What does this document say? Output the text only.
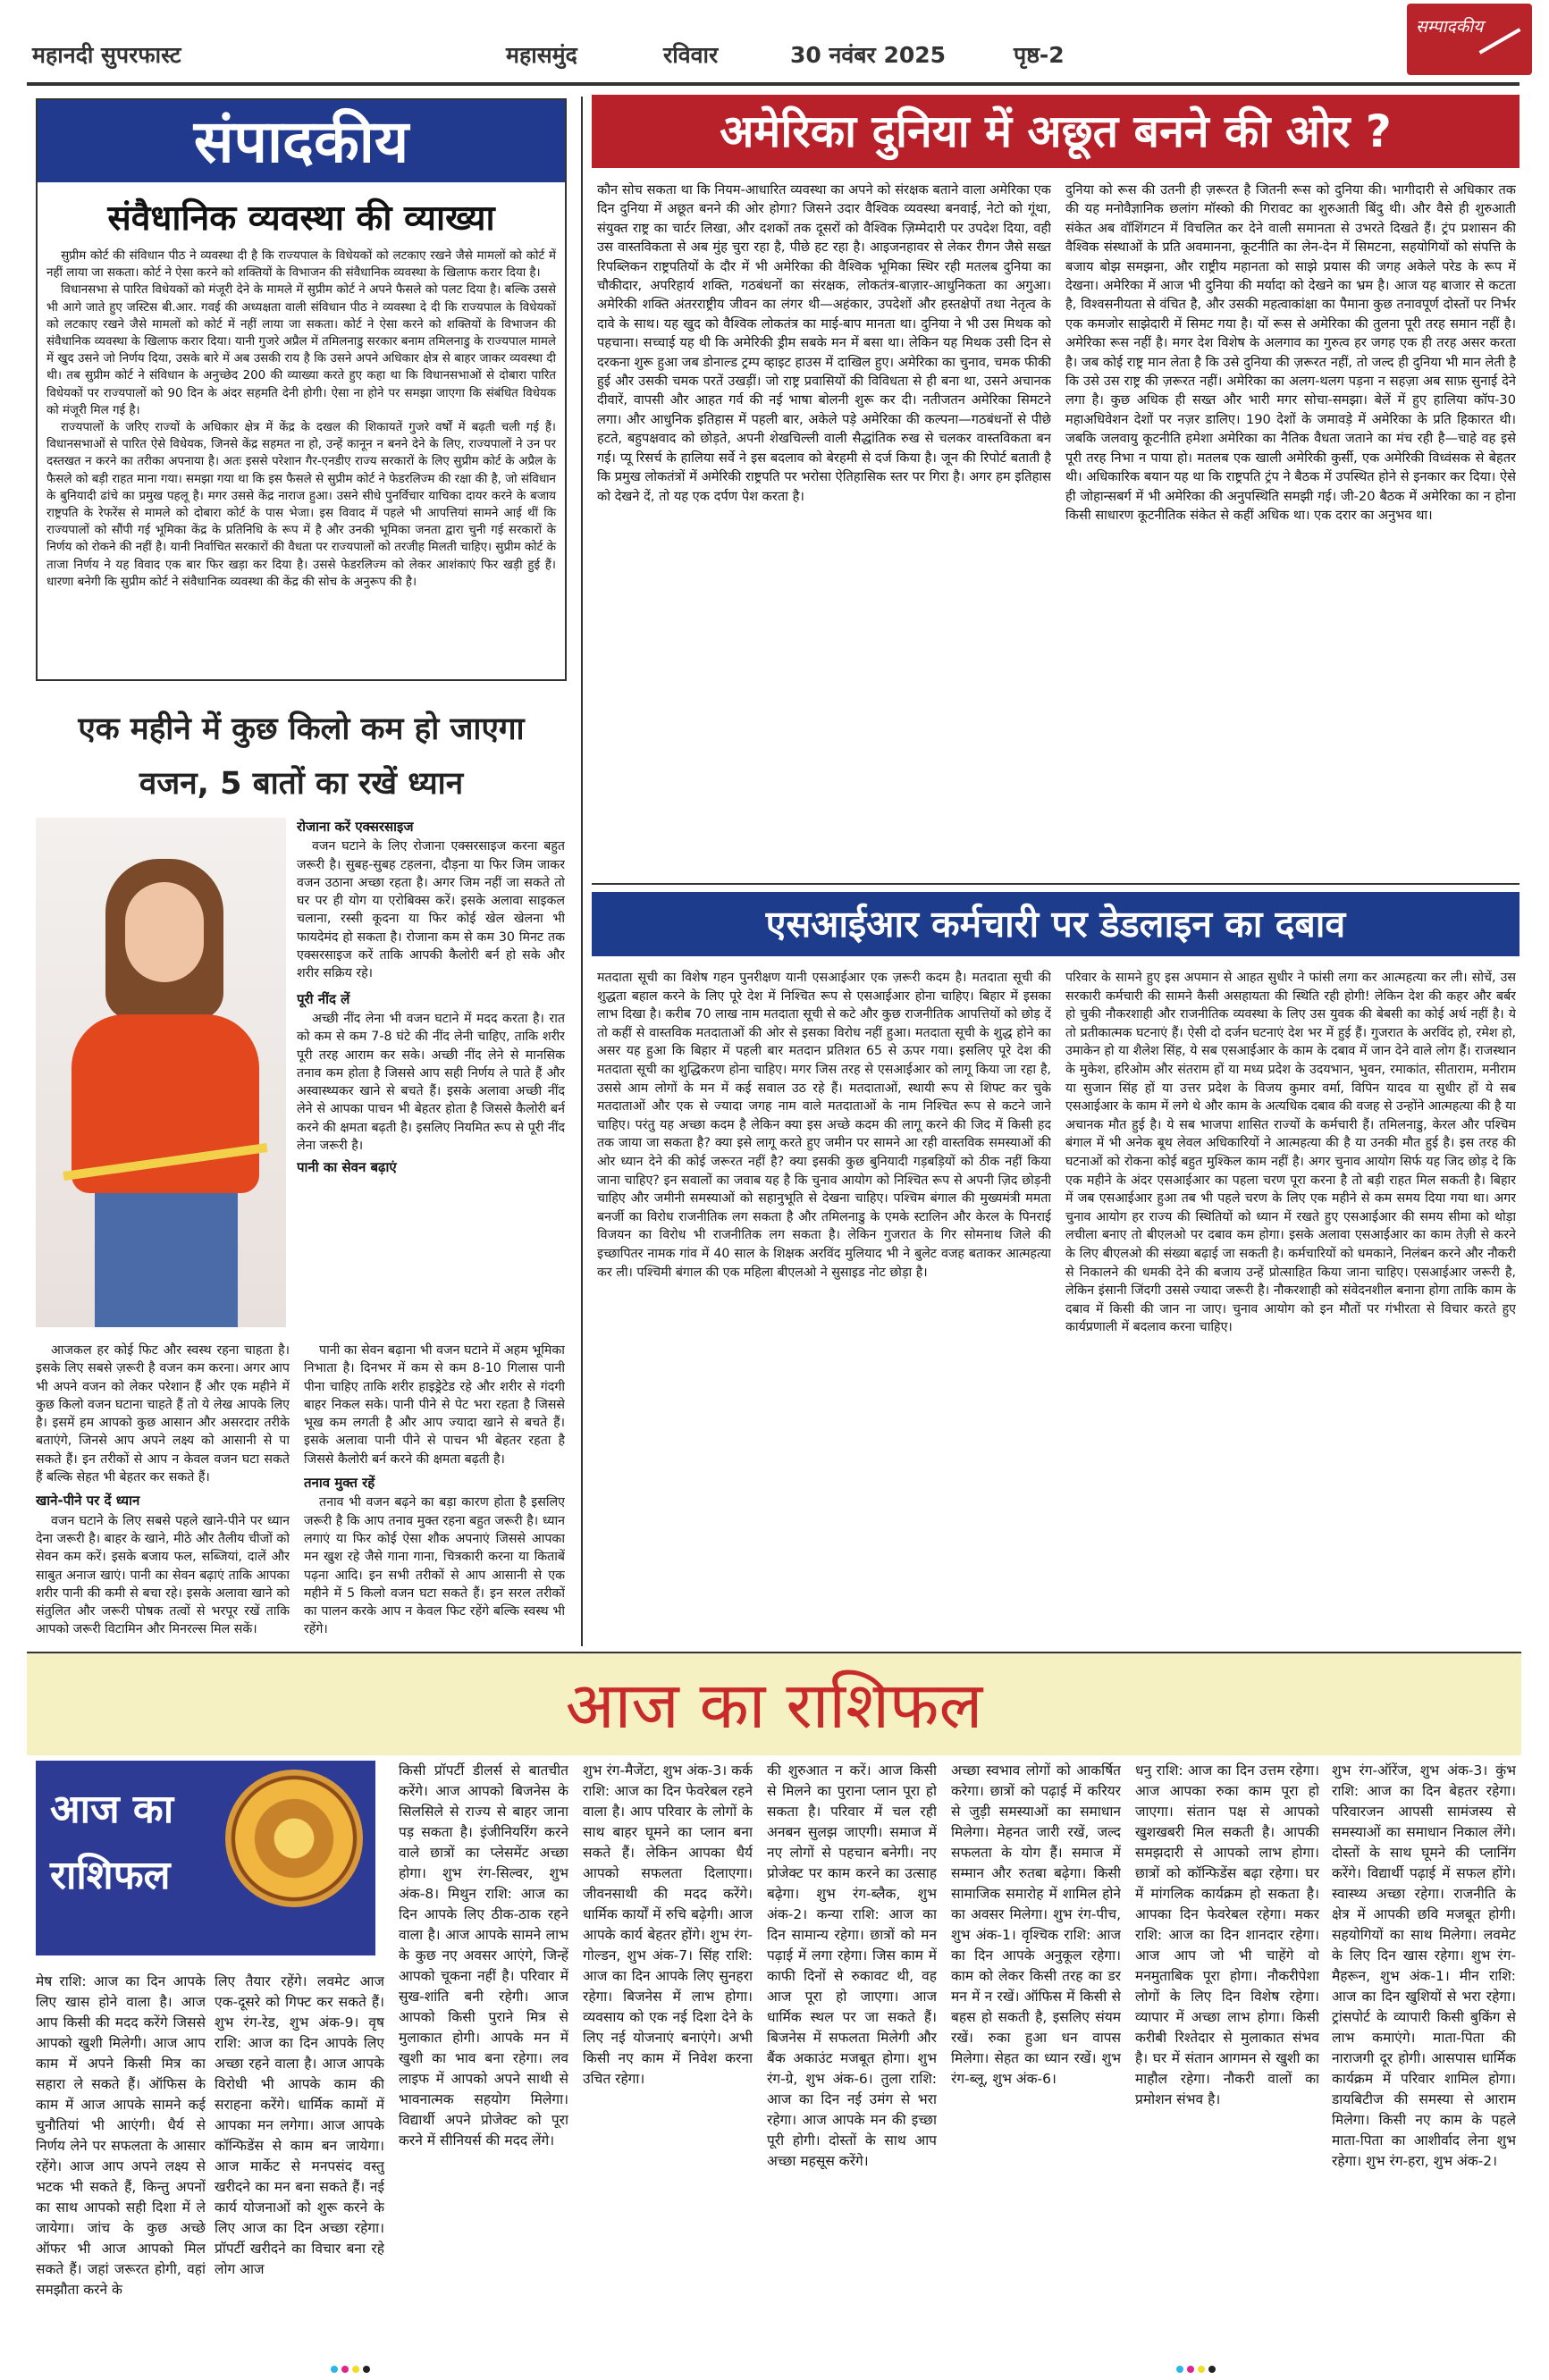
महानदी सुपरफास्ट	महासमुंद	रविवार	30 नवंबर 2025	पृष्ठ-2
सम्पादकीय
संपादकीय
संवैधानिक व्यवस्था की व्याख्या

सुप्रीम कोर्ट की संविधान पीठ ने व्यवस्था दी है कि राज्यपाल के विधेयकों को लटकाए रखने जैसे मामलों को कोर्ट में नहीं लाया जा सकता। कोर्ट ने ऐसा करने को शक्तियों के विभाजन की संवैधानिक व्यवस्था के खिलाफ करार दिया है।

विधानसभा से पारित विधेयकों को मंजूरी देने के मामले में सुप्रीम कोर्ट ने अपने फैसले को पलट दिया है। बल्कि उससे भी आगे जाते हुए जस्टिस बी.आर. गवई की अध्यक्षता वाली संविधान पीठ ने व्यवस्था दे दी कि राज्यपाल के विधेयकों को लटकाए रखने जैसे मामलों को कोर्ट में नहीं लाया जा सकता। कोर्ट ने ऐसा करने को शक्तियों के विभाजन की संवैधानिक व्यवस्था के खिलाफ करार दिया। यानी गुजरे अप्रैल में तमिलनाडु सरकार बनाम तमिलनाडु के राज्यपाल मामले में खुद उसने जो निर्णय दिया, उसके बारे में अब उसकी राय है कि उसने अपने अधिकार क्षेत्र से बाहर जाकर व्यवस्था दी थी। तब सुप्रीम कोर्ट ने संविधान के अनुच्छेद 200 की व्याख्या करते हुए कहा था कि विधानसभाओं से दोबारा पारित विधेयकों पर राज्यपालों को 90 दिन के अंदर सहमति देनी होगी। ऐसा ना होने पर समझा जाएगा कि संबंधित विधेयक को मंजूरी मिल गई है।

राज्यपालों के जरिए राज्यों के अधिकार क्षेत्र में केंद्र के दखल की शिकायतें गुजरे वर्षों में बढ़ती चली गई हैं। विधानसभाओं से पारित ऐसे विधेयक, जिनसे केंद्र सहमत ना हो, उन्हें कानून न बनने देने के लिए, राज्यपालों ने उन पर दस्तखत न करने का तरीका अपनाया है। अतः इससे परेशान गैर-एनडीए राज्य सरकारों के लिए सुप्रीम कोर्ट के अप्रैल के फैसले को बड़ी राहत माना गया। समझा गया था कि इस फैसले से सुप्रीम कोर्ट ने फेडरलिज्म की रक्षा की है, जो संविधान के बुनियादी ढांचे का प्रमुख पहलू है। मगर उससे केंद्र नाराज हुआ। उसने सीधे पुनर्विचार याचिका दायर करने के बजाय राष्ट्रपति के रेफरेंस से मामले को दोबारा कोर्ट के पास भेजा। इस विवाद में पहले भी आपत्तियां सामने आई थीं कि राज्यपालों को सौंपी गई भूमिका केंद्र के प्रतिनिधि के रूप में है और उनकी भूमिका जनता द्वारा चुनी गई सरकारों के निर्णय को रोकने की नहीं है। यानी निर्वाचित सरकारों की वैधता पर राज्यपालों को तरजीह मिलती चाहिए। सुप्रीम कोर्ट के ताजा निर्णय ने यह विवाद एक बार फिर खड़ा कर दिया है। उससे फेडरलिज्म को लेकर आशंकाएं फिर खड़ी हुई हैं। धारणा बनेगी कि सुप्रीम कोर्ट ने संवैधानिक व्यवस्था की केंद्र की सोच के अनुरूप की है।

एक महीने में कुछ किलो कम हो जाएगा
वजन, 5 बातों का रखें ध्यान
रोजाना करें एक्सरसाइज

वजन घटाने के लिए रोजाना एक्सरसाइज करना बहुत जरूरी है। सुबह-सुबह टहलना, दौड़ना या फिर जिम जाकर वजन उठाना अच्छा रहता है। अगर जिम नहीं जा सकते तो घर पर ही योग या एरोबिक्स करें। इसके अलावा साइकल चलाना, रस्सी कूदना या फिर कोई खेल खेलना भी फायदेमंद हो सकता है। रोजाना कम से कम 30 मिनट तक एक्सरसाइज करें ताकि आपकी कैलोरी बर्न हो सके और शरीर सक्रिय रहे।

पूरी नींद लें

अच्छी नींद लेना भी वजन घटाने में मदद करता है। रात को कम से कम 7-8 घंटे की नींद लेनी चाहिए, ताकि शरीर पूरी तरह आराम कर सके। अच्छी नींद लेने से मानसिक तनाव कम होता है जिससे आप सही निर्णय ले पाते हैं और अस्वास्थ्यकर खाने से बचते हैं। इसके अलावा अच्छी नींद लेने से आपका पाचन भी बेहतर होता है जिससे कैलोरी बर्न करने की क्षमता बढ़ती है। इसलिए नियमित रूप से पूरी नींद लेना जरूरी है।

पानी का सेवन बढ़ाएं

आजकल हर कोई फिट और स्वस्थ रहना चाहता है। इसके लिए सबसे ज़रूरी है वजन कम करना। अगर आप भी अपने वजन को लेकर परेशान हैं और एक महीने में कुछ किलो वजन घटाना चाहते हैं तो ये लेख आपके लिए है। इसमें हम आपको कुछ आसान और असरदार तरीके बताएंगे, जिनसे आप अपने लक्ष्य को आसानी से पा सकते हैं। इन तरीकों से आप न केवल वजन घटा सकते हैं बल्कि सेहत भी बेहतर कर सकते हैं।

खाने-पीने पर दें ध्यान

वजन घटाने के लिए सबसे पहले खाने-पीने पर ध्यान देना जरूरी है। बाहर के खाने, मीठे और तैलीय चीजों को सेवन कम करें। इसके बजाय फल, सब्जियां, दालें और साबुत अनाज खाएं। पानी का सेवन बढ़ाएं ताकि आपका शरीर पानी की कमी से बचा रहे। इसके अलावा खाने को संतुलित और जरूरी पोषक तत्वों से भरपूर रखें ताकि आपको जरूरी विटामिन और मिनरल्स मिल सकें।

पानी का सेवन बढ़ाना भी वजन घटाने में अहम भूमिका निभाता है। दिनभर में कम से कम 8-10 गिलास पानी पीना चाहिए ताकि शरीर हाइड्रेटेड रहे और शरीर से गंदगी बाहर निकल सके। पानी पीने से पेट भरा रहता है जिससे भूख कम लगती है और आप ज्यादा खाने से बचते हैं। इसके अलावा पानी पीने से पाचन भी बेहतर रहता है जिससे कैलोरी बर्न करने की क्षमता बढ़ती है।

तनाव मुक्त रहें

तनाव भी वजन बढ़ने का बड़ा कारण होता है इसलिए जरूरी है कि आप तनाव मुक्त रहना बहुत जरूरी है। ध्यान लगाएं या फिर कोई ऐसा शौक अपनाएं जिससे आपका मन खुश रहे जैसे गाना गाना, चित्रकारी करना या किताबें पढ़ना आदि। इन सभी तरीकों से आप आसानी से एक महीने में 5 किलो वजन घटा सकते हैं। इन सरल तरीकों का पालन करके आप न केवल फिट रहेंगे बल्कि स्वस्थ भी रहेंगे।

अमेरिका दुनिया में अछूत बनने की ओर ?
कौन सोच सकता था कि नियम-आधारित व्यवस्था का अपने को संरक्षक बताने वाला अमेरिका एक दिन दुनिया में अछूत बनने की ओर होगा? जिसने उदार वैश्विक व्यवस्था बनवाई, नेटो को गूंथा, संयुक्त राष्ट्र का चार्टर लिखा, और दशकों तक दूसरों को वैश्विक ज़िम्मेदारी पर उपदेश दिया, वही उस वास्तविकता से अब मुंह चुरा रहा है, पीछे हट रहा है। आइजनहावर से लेकर रीगन जैसे सख्त रिपब्लिकन राष्ट्रपतियों के दौर में भी अमेरिका की वैश्विक भूमिका स्थिर रही मतलब दुनिया का चौकीदार, अपरिहार्य शक्ति, गठबंधनों का संरक्षक, लोकतंत्र-बाज़ार-आधुनिकता का अगुआ। अमेरिकी शक्ति अंतरराष्ट्रीय जीवन का लंगर थी—अहंकार, उपदेशों और हस्तक्षेपों तथा नेतृत्व के दावे के साथ। यह खुद को वैश्विक लोकतंत्र का माई-बाप मानता था। दुनिया ने भी उस मिथक को पहचाना। सच्चाई यह थी कि अमेरिकी ड्रीम सबके मन में बसा था। लेकिन यह मिथक उसी दिन से दरकना शुरू हुआ जब डोनाल्ड ट्रम्प व्हाइट हाउस में दाखिल हुए। अमेरिका का चुनाव, चमक फीकी हुई और उसकी चमक परतें उखड़ीं। जो राष्ट्र प्रवासियों की विविधता से ही बना था, उसने अचानक दीवारें, वापसी और आहत गर्व की नई भाषा बोलनी शुरू कर दी। नतीजतन अमेरिका सिमटने लगा। और आधुनिक इतिहास में पहली बार, अकेले पड़े अमेरिका की कल्पना—गठबंधनों से पीछे हटते, बहुपक्षवाद को छोड़ते, अपनी शेखचिल्ली वाली सैद्धांतिक रुख से चलकर वास्तविकता बन गई। प्यू रिसर्च के हालिया सर्वे ने इस बदलाव को बेरहमी से दर्ज किया है। जून की रिपोर्ट बताती है कि प्रमुख लोकतंत्रों में अमेरिकी राष्ट्रपति पर भरोसा ऐतिहासिक स्तर पर गिरा है। अगर हम इतिहास को देखने दें, तो यह एक दर्पण पेश करता है।
दुनिया को रूस की उतनी ही ज़रूरत है जितनी रूस को दुनिया की। भागीदारी से अधिकार तक की यह मनोवैज्ञानिक छलांग मॉस्को की गिरावट का शुरुआती बिंदु थी। और वैसे ही शुरुआती संकेत अब वॉशिंगटन में विचलित कर देने वाली समानता से उभरते दिखते हैं। ट्रंप प्रशासन की वैश्विक संस्थाओं के प्रति अवमानना, कूटनीति का लेन-देन में सिमटना, सहयोगियों को संपत्ति के बजाय बोझ समझना, और राष्ट्रीय महानता को साझे प्रयास की जगह अकेले परेड के रूप में देखना। अमेरिका में आज भी दुनिया की मर्यादा को देखने का भ्रम है। आज यह बाजार से कटता है, विश्वसनीयता से वंचित है, और उसकी महत्वाकांक्षा का पैमाना कुछ तनावपूर्ण दोस्तों पर निर्भर एक कमजोर साझेदारी में सिमट गया है। यों रूस से अमेरिका की तुलना पूरी तरह समान नहीं है। अमेरिका रूस नहीं है। मगर देश विशेष के अलगाव का गुरुत्व हर जगह एक ही तरह असर करता है। जब कोई राष्ट्र मान लेता है कि उसे दुनिया की ज़रूरत नहीं, तो जल्द ही दुनिया भी मान लेती है कि उसे उस राष्ट्र की ज़रूरत नहीं। अमेरिका का अलग-थलग पड़ना न सहज़ा अब साफ़ सुनाई देने लगा है। कुछ अधिक ही सख्त और भारी मगर सोचा-समझा। बेलें में हुए हालिया कॉप-30 महाअधिवेशन देशों पर नज़र डालिए। 190 देशों के जमावड़े में अमेरिका के प्रति हिकारत थी। जबकि जलवायु कूटनीति हमेशा अमेरिका का नैतिक वैधता जताने का मंच रही है—चाहे वह इसे पूरी तरह निभा न पाया हो। मतलब एक खाली अमेरिकी कुर्सी, एक अमेरिकी विध्वंसक से बेहतर थी। अधिकारिक बयान यह था कि राष्ट्रपति ट्रंप ने बैठक में उपस्थित होने से इनकार कर दिया। ऐसे ही जोहान्सबर्ग में भी अमेरिका की अनुपस्थिति समझी गई। जी-20 बैठक में अमेरिका का न होना किसी साधारण कूटनीतिक संकेत से कहीं अधिक था। एक दरार का अनुभव था।
एसआईआर कर्मचारी पर डेडलाइन का दबाव
मतदाता सूची का विशेष गहन पुनरीक्षण यानी एसआईआर एक ज़रूरी कदम है। मतदाता सूची की शुद्धता बहाल करने के लिए पूरे देश में निश्चित रूप से एसआईआर होना चाहिए। बिहार में इसका लाभ दिखा है। करीब 70 लाख नाम मतदाता सूची से कटे और कुछ राजनीतिक आपत्तियों को छोड़ दें तो कहीं से वास्तविक मतदाताओं की ओर से इसका विरोध नहीं हुआ। मतदाता सूची के शुद्ध होने का असर यह हुआ कि बिहार में पहली बार मतदान प्रतिशत 65 से ऊपर गया। इसलिए पूरे देश की मतदाता सूची का शुद्धिकरण होना चाहिए। मगर जिस तरह से एसआईआर को लागू किया जा रहा है, उससे आम लोगों के मन में कई सवाल उठ रहे हैं। मतदाताओं, स्थायी रूप से शिफ्ट कर चुके मतदाताओं और एक से ज्यादा जगह नाम वाले मतदाताओं के नाम निश्चित रूप से कटने जाने चाहिए। परंतु यह अच्छा कदम है लेकिन क्या इस अच्छे कदम की लागू करने की जिद में किसी हद तक जाया जा सकता है? क्या इसे लागू करते हुए जमीन पर सामने आ रही वास्तविक समस्याओं की ओर ध्यान देने की कोई जरूरत नहीं है? क्या इसकी कुछ बुनियादी गड़बड़ियों को ठीक नहीं किया जाना चाहिए? इन सवालों का जवाब यह है कि चुनाव आयोग को निश्चित रूप से अपनी ज़िद छोड़नी चाहिए और जमीनी समस्याओं को सहानुभूति से देखना चाहिए। पश्चिम बंगाल की मुख्यमंत्री ममता बनर्जी का विरोध राजनीतिक लग सकता है और तमिलनाडु के एमके स्टालिन और केरल के पिनराई विजयन का विरोध भी राजनीतिक लग सकता है। लेकिन गुजरात के गिर सोमनाथ जिले की इच्छापितर नामक गांव में 40 साल के शिक्षक अरविंद मुलियाद भी ने बुलेट वजह बताकर आत्महत्या कर ली। पश्चिमी बंगाल की एक महिला बीएलओ ने सुसाइड नोट छोड़ा है।
परिवार के सामने हुए इस अपमान से आहत सुधीर ने फांसी लगा कर आत्महत्या कर ली। सोचें, उस सरकारी कर्मचारी की सामने कैसी असहायता की स्थिति रही होगी! लेकिन देश की कहर और बर्बर हो चुकी नौकरशाही और राजनीतिक व्यवस्था के लिए उस युवक की बेबसी का कोई अर्थ नहीं है। ये तो प्रतीकात्मक घटनाएं हैं। ऐसी दो दर्जन घटनाएं देश भर में हुई हैं। गुजरात के अरविंद हो, रमेश हो, उमाकेन हो या शैलेश सिंह, ये सब एसआईआर के काम के दबाव में जान देने वाले लोग हैं। राजस्थान के मुकेश, हरिओम और संतराम हों या मध्य प्रदेश के उदयभान, भुवन, रमाकांत, सीताराम, मनीराम या सुजान सिंह हों या उत्तर प्रदेश के विजय कुमार वर्मा, विपिन यादव या सुधीर हों ये सब एसआईआर के काम में लगे थे और काम के अत्यधिक दबाव की वजह से उन्होंने आत्महत्या की है या अचानक मौत हुई है। ये सब भाजपा शासित राज्यों के कर्मचारी हैं। तमिलनाडु, केरल और पश्चिम बंगाल में भी अनेक बूथ लेवल अधिकारियों ने आत्महत्या की है या उनकी मौत हुई है। इस तरह की घटनाओं को रोकना कोई बहुत मुश्किल काम नहीं है। अगर चुनाव आयोग सिर्फ यह जिद छोड़ दे कि एक महीने के अंदर एसआईआर का पहला चरण पूरा करना है तो बड़ी राहत मिल सकती है। बिहार में जब एसआईआर हुआ तब भी पहले चरण के लिए एक महीने से कम समय दिया गया था। अगर चुनाव आयोग हर राज्य की स्थितियों को ध्यान में रखते हुए एसआईआर की समय सीमा को थोड़ा लचीला बनाए तो बीएलओ पर दबाव कम होगा। इसके अलावा एसआईआर का काम तेज़ी से करने के लिए बीएलओ की संख्या बढ़ाई जा सकती है। कर्मचारियों को धमकाने, निलंबन करने और नौकरी से निकालने की धमकी देने की बजाय उन्हें प्रोत्साहित किया जाना चाहिए। एसआईआर जरूरी है, लेकिन इंसानी जिंदगी उससे ज्यादा जरूरी है। नौकरशाही को संवेदनशील बनाना होगा ताकि काम के दबाव में किसी की जान ना जाए। चुनाव आयोग को इन मौतों पर गंभीरता से विचार करते हुए कार्यप्रणाली में बदलाव करना चाहिए।
आज का राशिफल
आज का
राशिफल
मेष राशि: आज का दिन आपके लिए खास होने वाला है। आज आप किसी की मदद करेंगे जिससे आपको खुशी मिलेगी। आज आप काम में अपने किसी मित्र का सहारा ले सकते हैं। ऑफिस के काम में आज आपके सामने कई चुनौतियां भी आएंगी। धैर्य से निर्णय लेने पर सफलता के आसार रहेंगे। आज आप अपने लक्ष्य से भटक भी सकते हैं, किन्तु अपनों का साथ आपको सही दिशा में ले जायेगा। जांच के कुछ अच्छे ऑफर भी आज आपको मिल सकते हैं। जहां जरूरत होगी, वहां समझौता करने के
लिए तैयार रहेंगे। लवमेट आज एक-दूसरे को गिफ्ट कर सकते हैं। शुभ रंग-रेड, शुभ अंक-9। वृष राशि: आज का दिन आपके लिए अच्छा रहने वाला है। आज आपके विरोधी भी आपके काम की सराहना करेंगे। धार्मिक कामों में आपका मन लगेगा। आज आपके कॉन्फिडेंस से काम बन जायेगा। आज मार्केट से मनपसंद वस्तु खरीदने का मन बना सकते हैं। नई कार्य योजनाओं को शुरू करने के लिए आज का दिन अच्छा रहेगा। प्रॉपर्टी खरीदने का विचार बना रहे लोग आज
किसी प्रॉपर्टी डीलर्स से बातचीत करेंगे। आज आपको बिजनेस के सिलसिले से राज्य से बाहर जाना पड़ सकता है। इंजीनियरिंग करने वाले छात्रों का प्लेसमेंट अच्छा होगा। शुभ रंग-सिल्वर, शुभ अंक-8। मिथुन राशि: आज का दिन आपके लिए ठीक-ठाक रहने वाला है। आज आपके सामने लाभ के कुछ नए अवसर आएंगे, जिन्हें आपको चूकना नहीं है। परिवार में सुख-शांति बनी रहेगी। आज आपको किसी पुराने मित्र से मुलाकात होगी। आपके मन में खुशी का भाव बना रहेगा। लव लाइफ में आपको अपने साथी से भावनात्मक सहयोग मिलेगा। विद्यार्थी अपने प्रोजेक्ट को पूरा करने में सीनियर्स की मदद लेंगे।
शुभ रंग-मैजेंटा, शुभ अंक-3। कर्क राशि: आज का दिन फेवरेबल रहने वाला है। आप परिवार के लोगों के साथ बाहर घूमने का प्लान बना सकते हैं। लेकिन आपका धैर्य आपको सफलता दिलाएगा। जीवनसाथी की मदद करेंगे। धार्मिक कार्यों में रुचि बढ़ेगी। आज आपके कार्य बेहतर होंगे। शुभ रंग-गोल्डन, शुभ अंक-7। सिंह राशि: आज का दिन आपके लिए सुनहरा रहेगा। बिजनेस में लाभ होगा। व्यवसाय को एक नई दिशा देने के लिए नई योजनाएं बनाएंगे। अभी किसी नए काम में निवेश करना उचित रहेगा।
की शुरुआत न करें। आज किसी से मिलने का पुराना प्लान पूरा हो सकता है। परिवार में चल रही अनबन सुलझ जाएगी। समाज में नए लोगों से पहचान बनेगी। नए प्रोजेक्ट पर काम करने का उत्साह बढ़ेगा। शुभ रंग-ब्लैक, शुभ अंक-2। कन्या राशि: आज का दिन सामान्य रहेगा। छात्रों को मन पढ़ाई में लगा रहेगा। जिस काम में काफी दिनों से रुकावट थी, वह आज पूरा हो जाएगा। आज धार्मिक स्थल पर जा सकते हैं। बिजनेस में सफलता मिलेगी और बैंक अकाउंट मजबूत होगा। शुभ रंग-ग्रे, शुभ अंक-6। तुला राशि: आज का दिन नई उमंग से भरा रहेगा। आज आपके मन की इच्छा पूरी होगी। दोस्तों के साथ आप अच्छा महसूस करेंगे।
अच्छा स्वभाव लोगों को आकर्षित करेगा। छात्रों को पढ़ाई में करियर से जुड़ी समस्याओं का समाधान मिलेगा। मेहनत जारी रखें, जल्द सफलता के योग हैं। समाज में सम्मान और रुतबा बढ़ेगा। किसी सामाजिक समारोह में शामिल होने का अवसर मिलेगा। शुभ रंग-पीच, शुभ अंक-1। वृश्चिक राशि: आज का दिन आपके अनुकूल रहेगा। काम को लेकर किसी तरह का डर मन में न रखें। ऑफिस में किसी से बहस हो सकती है, इसलिए संयम रखें। रुका हुआ धन वापस मिलेगा। सेहत का ध्यान रखें। शुभ रंग-ब्लू, शुभ अंक-6।
धनु राशि: आज का दिन उत्तम रहेगा। आज आपका रुका काम पूरा हो जाएगा। संतान पक्ष से आपको खुशखबरी मिल सकती है। आपकी समझदारी से आपको लाभ होगा। छात्रों को कॉन्फिडेंस बढ़ा रहेगा। घर में मांगलिक कार्यक्रम हो सकता है। आपका दिन फेवरेबल रहेगा। मकर राशि: आज का दिन शानदार रहेगा। आज आप जो भी चाहेंगे वो मनमुताबिक पूरा होगा। नौकरीपेशा लोगों के लिए दिन विशेष रहेगा। व्यापार में अच्छा लाभ होगा। किसी करीबी रिश्तेदार से मुलाकात संभव है। घर में संतान आगमन से खुशी का माहौल रहेगा। नौकरी वालों का प्रमोशन संभव है।
शुभ रंग-ऑरेंज, शुभ अंक-3। कुंभ राशि: आज का दिन बेहतर रहेगा। परिवारजन आपसी सामंजस्य से समस्याओं का समाधान निकाल लेंगे। दोस्तों के साथ घूमने की प्लानिंग करेंगे। विद्यार्थी पढ़ाई में सफल होंगे। स्वास्थ्य अच्छा रहेगा। राजनीति के क्षेत्र में आपकी छवि मजबूत होगी। सहयोगियों का साथ मिलेगा। लवमेट के लिए दिन खास रहेगा। शुभ रंग-मैहरून, शुभ अंक-1। मीन राशि: आज का दिन खुशियों से भरा रहेगा। ट्रांसपोर्ट के व्यापारी किसी बुकिंग से लाभ कमाएंगे। माता-पिता की नाराजगी दूर होगी। आसपास धार्मिक कार्यक्रम में परिवार शामिल होगा। डायबिटीज की समस्या से आराम मिलेगा। किसी नए काम के पहले माता-पिता का आशीर्वाद लेना शुभ रहेगा। शुभ रंग-हरा, शुभ अंक-2।
